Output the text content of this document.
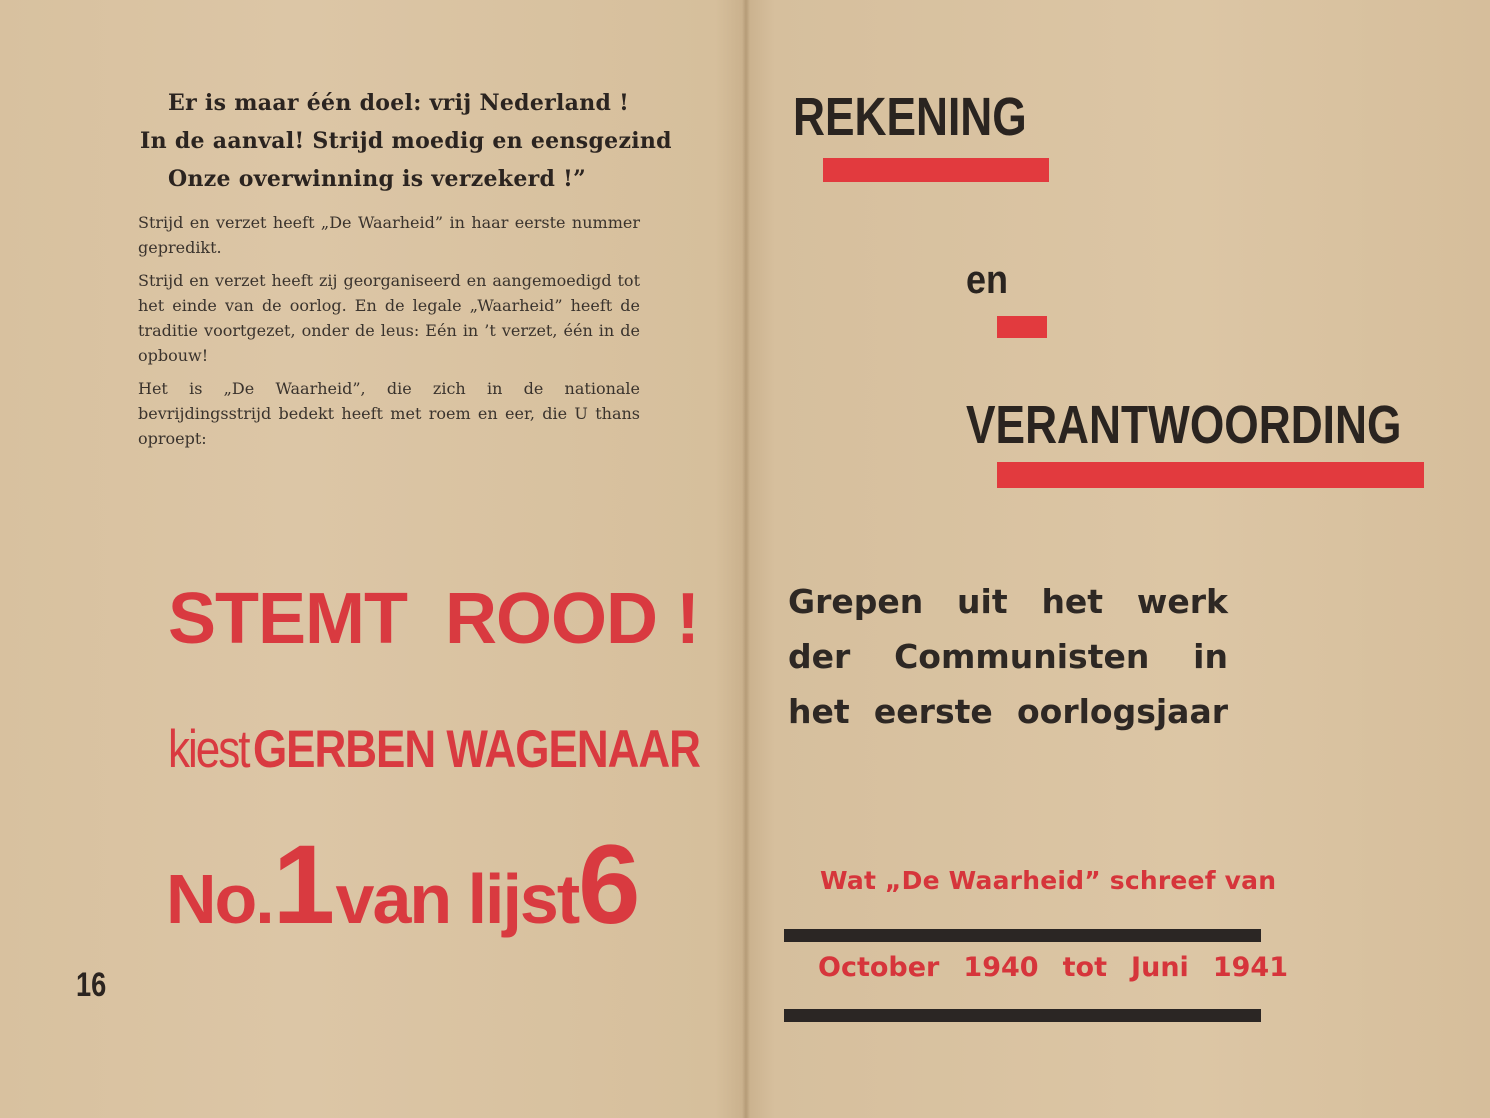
Er is maar één doel: vrij Nederland !
In de aanval! Strijd moedig en eensgezind
Onze overwinning is verzekerd !”

Strijd en verzet heeft „De Waarheid” in haar eerste nummer gepredikt.

Strijd en verzet heeft zij georganiseerd en aangemoedigd tot het einde van de oorlog. En de legale „Waarheid” heeft de traditie voortgezet, onder de leus: Eén in ’t verzet, één in de opbouw!

Het is „De Waarheid”, die zich in de nationale bevrijdingsstrijd bedekt heeft met roem en eer, die U thans oproept:

STEMT  ROOD !
kiest GERBEN WAGENAAR
No.1 van lijst6
16
REKENING
en
VERANTWOORDING
Grepen uit het werk
der Communisten in
het eerste oorlogsjaar
Wat „De Waarheid” schreef van
October 1940 tot Juni 1941
